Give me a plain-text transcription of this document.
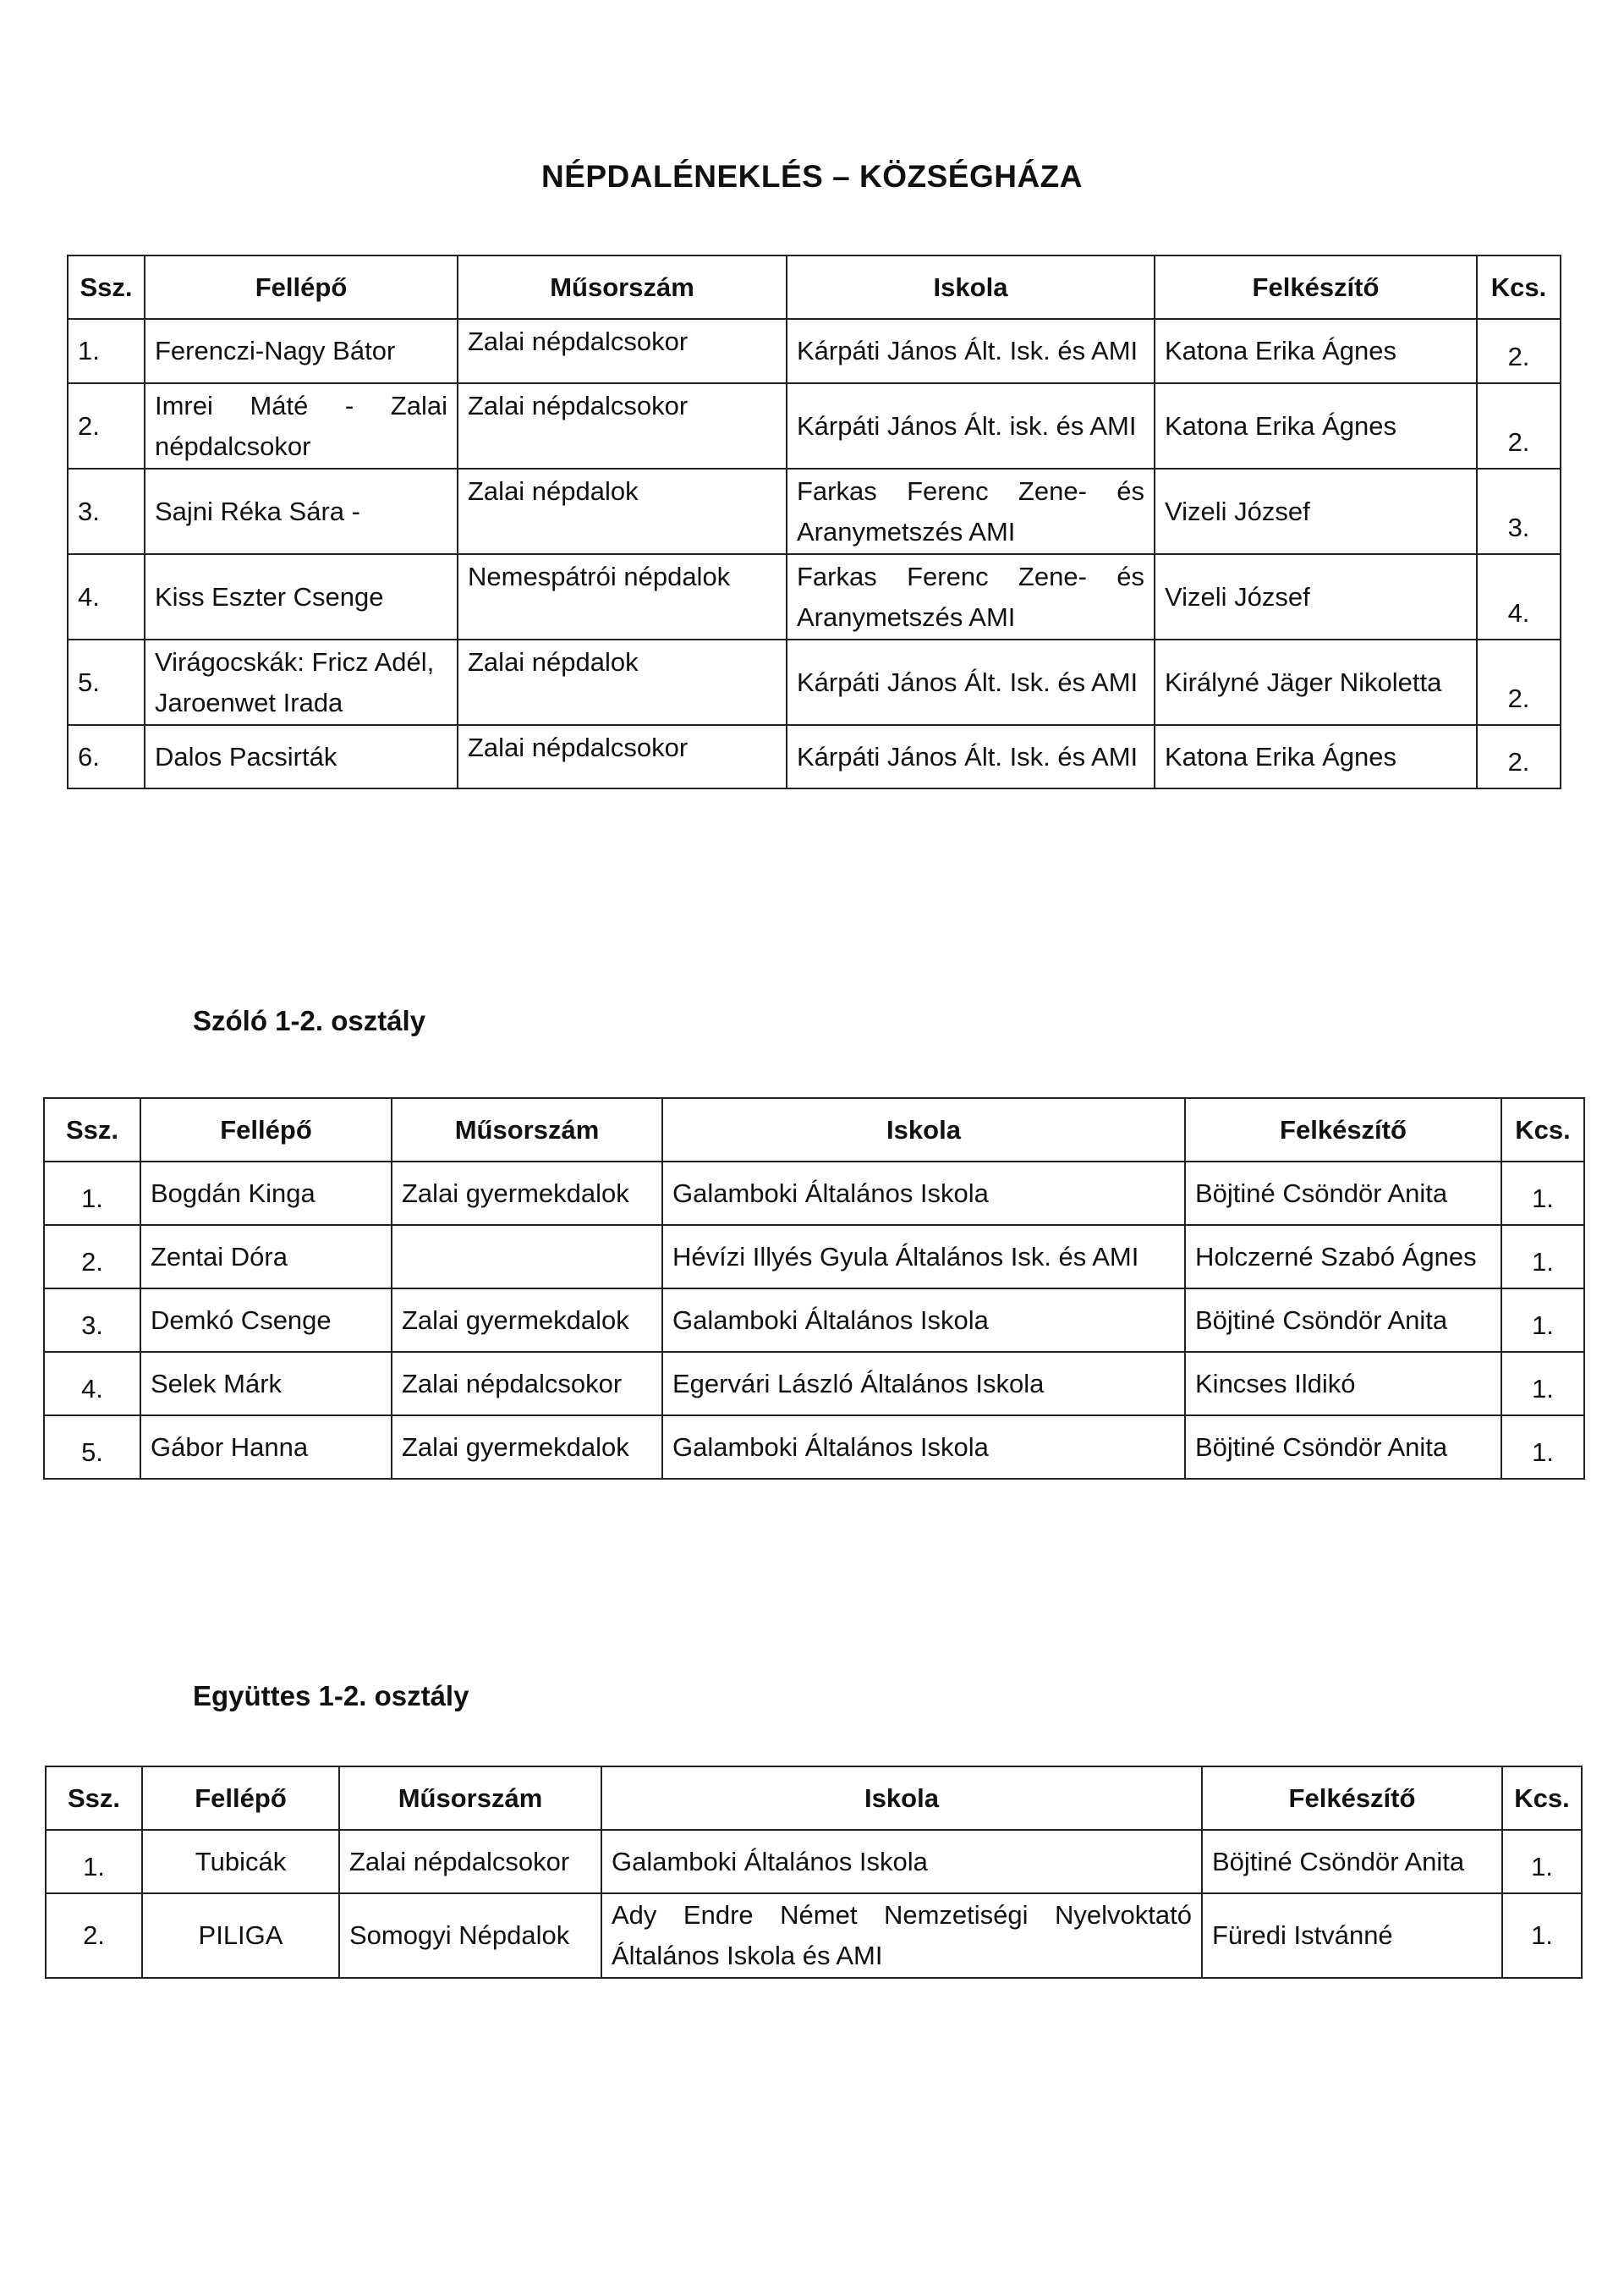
NÉPDALÉNEKLÉS – KÖZSÉGHÁZA
Ssz.	Fellépő	Műsorszám	Iskola	Felkészítő	Kcs.
1.	Ferenczi-Nagy Bátor	Zalai népdalcsokor	Kárpáti János Ált. Isk. és AMI	Katona Erika Ágnes	2.
2.	Imrei Máté - Zalai népdalcsokor	Zalai népdalcsokor	Kárpáti János Ált. isk. és AMI	Katona Erika Ágnes	2.
3.	Sajni Réka Sára -	Zalai népdalok	Farkas Ferenc Zene- és Aranymetszés AMI	Vizeli József	3.
4.	Kiss Eszter Csenge	Nemespátrói népdalok	Farkas Ferenc Zene- és Aranymetszés AMI	Vizeli József	4.
5.	Virágocskák: Fricz Adél, Jaroenwet Irada	Zalai népdalok	Kárpáti János Ált. Isk. és AMI	Királyné Jäger Nikoletta	2.
6.	Dalos Pacsirták	Zalai népdalcsokor	Kárpáti János Ált. Isk. és AMI	Katona Erika Ágnes	2.
Szóló 1-2. osztály
Ssz.	Fellépő	Műsorszám	Iskola	Felkészítő	Kcs.
1.	Bogdán Kinga	Zalai gyermekdalok	Galamboki Általános Iskola	Böjtiné Csöndör Anita	1.
2.	Zentai Dóra		Hévízi Illyés Gyula Általános Isk. és AMI	Holczerné Szabó Ágnes	1.
3.	Demkó Csenge	Zalai gyermekdalok	Galamboki Általános Iskola	Böjtiné Csöndör Anita	1.
4.	Selek Márk	Zalai népdalcsokor	Egervári László Általános Iskola	Kincses Ildikó	1.
5.	Gábor Hanna	Zalai gyermekdalok	Galamboki Általános Iskola	Böjtiné Csöndör Anita	1.
Együttes 1-2. osztály
Ssz.	Fellépő	Műsorszám	Iskola	Felkészítő	Kcs.
1.	Tubicák	Zalai népdalcsokor	Galamboki Általános Iskola	Böjtiné Csöndör Anita	1.
2.	PILIGA	Somogyi Népdalok	Ady Endre Német Nemzetiségi Nyelvoktató Általános Iskola és AMI	Füredi Istvánné	1.
